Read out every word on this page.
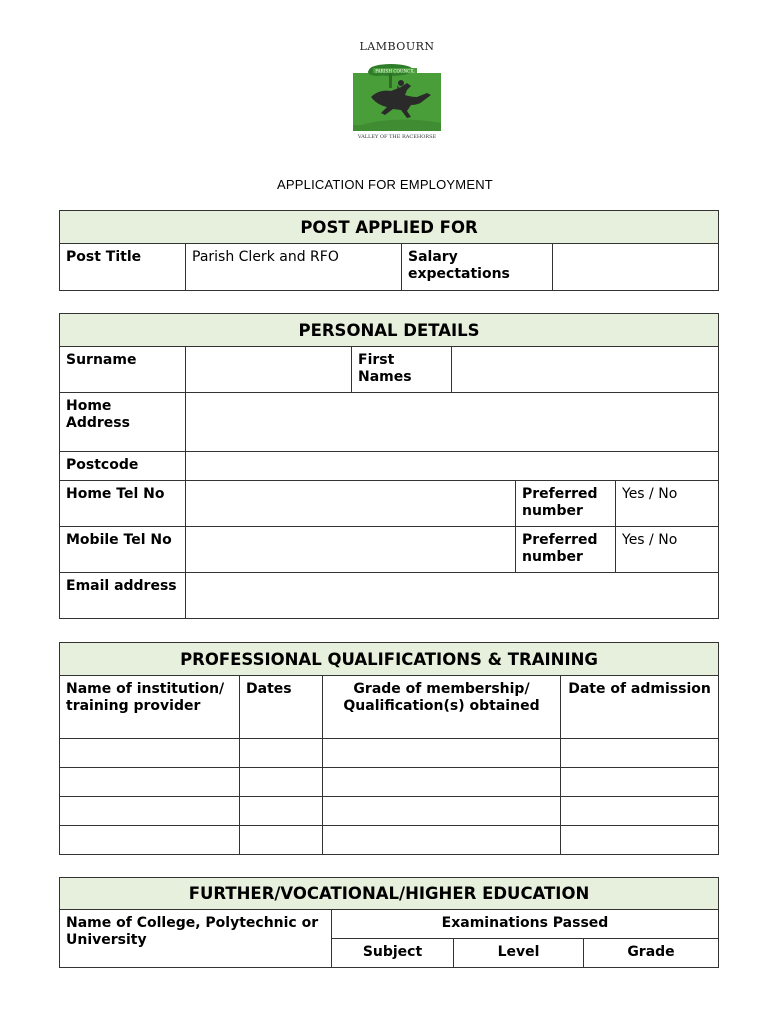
LAMBOURN
PARISH COUNCIL
VALLEY OF THE RACEHORSE
APPLICATION FOR EMPLOYMENT
POST APPLIED FOR
Post Title	Parish Clerk and RFO	Salary expectations	
PERSONAL DETAILS					
Surname		First Names			
Home Address					
Postcode					
Home Tel No				Preferred number	Yes / No
Mobile Tel No				Preferred number	Yes / No
Email address					
PROFESSIONAL QUALIFICATIONS & TRAINING			
Name of institution/ training provider	Dates	Grade of membership/ Qualification(s) obtained	Date of admission

FURTHER/VOCATIONAL/HIGHER EDUCATION			
Name of College, Polytechnic or University	Examinations Passed		
	Subject	Level	Grade
